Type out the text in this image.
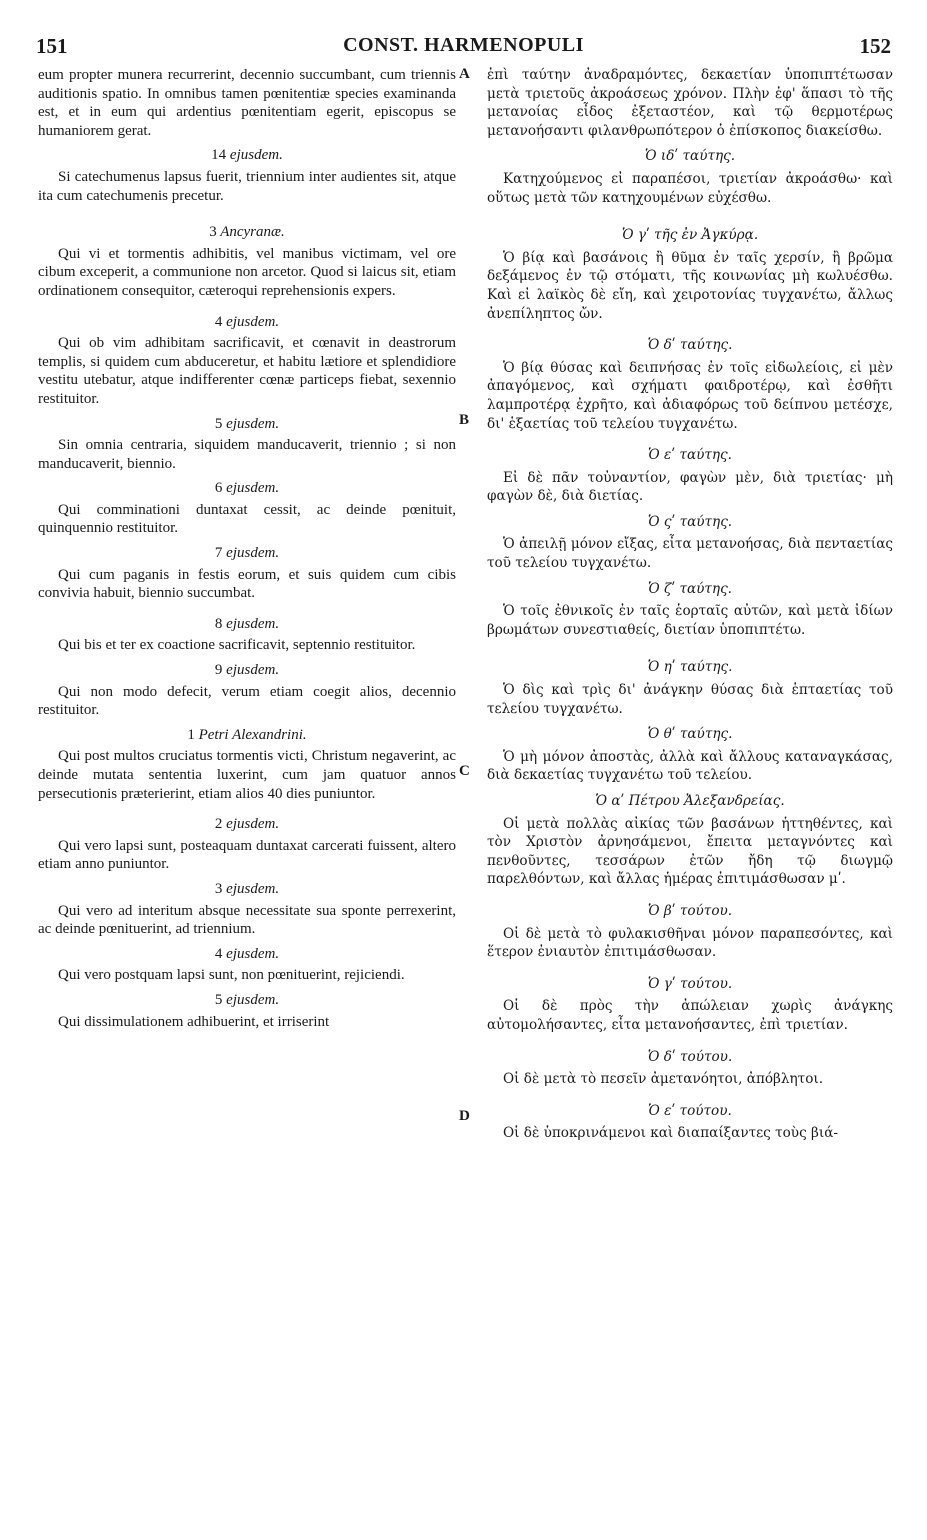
151	CONST. HARMENOPULI	152

eum propter munera recurrerint, decennio succumbant, cum triennis auditionis spatio. In omnibus tamen pœnitentiæ species examinanda est, et in eum qui ardentius pœnitentiam egerit, episcopus se humaniorem gerat.

14 ejusdem.

Si catechumenus lapsus fuerit, triennium inter audientes sit, atque ita cum catechumenis precetur.

3 Ancyranæ.

Qui vi et tormentis adhibitis, vel manibus victimam, vel ore cibum exceperit, a communione non arcetor. Quod si laicus sit, etiam ordinationem consequitor, cæteroqui reprehensionis expers.

4 ejusdem.

Qui ob vim adhibitam sacrificavit, et cœnavit in deastrorum templis, si quidem cum abduceretur, et habitu lætiore et splendidiore vestitu utebatur, atque indifferenter cœnæ particeps fiebat, sexennio restituitor.

5 ejusdem.

Sin omnia centraria, siquidem manducaverit, triennio ; si non manducaverit, biennio.

6 ejusdem.

Qui comminationi duntaxat cessit, ac deinde pœnituit, quinquennio restituitor.

7 ejusdem.

Qui cum paganis in festis eorum, et suis quidem cum cibis convivia habuit, biennio succumbat.

8 ejusdem.

Qui bis et ter ex coactione sacrificavit, septennio restituitor.

9 ejusdem.

Qui non modo defecit, verum etiam coegit alios, decennio restituitor.

1 Petri Alexandrini.

Qui post multos cruciatus tormentis victi, Christum negaverint, ac deinde mutata sententia luxerint, cum jam quatuor annos persecutionis præterierint, etiam alios 40 dies puniuntor.

2 ejusdem.

Qui vero lapsi sunt, posteaquam duntaxat carcerati fuissent, altero etiam anno puniuntor.

3 ejusdem.

Qui vero ad interitum absque necessitate sua sponte perrexerint, ac deinde pœnituerint, ad triennium.

4 ejusdem.

Qui vero postquam lapsi sunt, non pœnituerint, rejiciendi.

5 ejusdem.

Qui dissimulationem adhibuerint, et irriserint

A
B
C
D

ἐπὶ ταύτην ἀναδραμόντες, δεκαετίαν ὑποπιπτέτωσαν μετὰ τριετοῦς ἀκροάσεως χρόνον. Πλὴν ἐφ' ἅπασι τὸ τῆς μετανοίας εἶδος ἐξεταστέον, καὶ τῷ θερμοτέρως μετανοήσαντι φιλανθρωπότερον ὁ ἐπίσκοπος διακείσθω.

Ὁ ιδʹ ταύτης.

Κατηχούμενος εἰ παραπέσοι, τριετίαν ἀκροάσθω· καὶ οὕτως μετὰ τῶν κατηχουμένων εὐχέσθω.

Ὁ γʹ τῆς ἐν Ἀγκύρᾳ.

Ὁ βίᾳ καὶ βασάνοις ἢ θῦμα ἐν ταῖς χερσίν, ἢ βρῶμα δεξάμενος ἐν τῷ στόματι, τῆς κοινωνίας μὴ κωλυέσθω. Καὶ εἰ λαϊκὸς δὲ εἴη, καὶ χειροτονίας τυγχανέτω, ἄλλως ἀνεπίληπτος ὤν.

Ὁ δʹ ταύτης.

Ὁ βίᾳ θύσας καὶ δειπνήσας ἐν τοῖς εἰδωλείοις, εἰ μὲν ἀπαγόμενος, καὶ σχήματι φαιδροτέρῳ, καὶ ἐσθῆτι λαμπροτέρᾳ ἐχρῆτο, καὶ ἀδιαφόρως τοῦ δείπνου μετέσχε, δι' ἑξαετίας τοῦ τελείου τυγχανέτω.

Ὁ εʹ ταύτης.

Εἰ δὲ πᾶν τοὐναντίον, φαγὼν μὲν, διὰ τριετίας· μὴ φαγὼν δὲ, διὰ διετίας.

Ὁ ςʹ ταύτης.

Ὁ ἀπειλῇ μόνον εἴξας, εἶτα μετανοήσας, διὰ πενταετίας τοῦ τελείου τυγχανέτω.

Ὁ ζʹ ταύτης.

Ὁ τοῖς ἐθνικοῖς ἐν ταῖς ἑορταῖς αὐτῶν, καὶ μετὰ ἰδίων βρωμάτων συνεστιαθείς, διετίαν ὑποπιπτέτω.

Ὁ ηʹ ταύτης.

Ὁ δὶς καὶ τρὶς δι' ἀνάγκην θύσας διὰ ἑπταετίας τοῦ τελείου τυγχανέτω.

Ὁ θʹ ταύτης.

Ὁ μὴ μόνον ἀποστὰς, ἀλλὰ καὶ ἄλλους καταναγκάσας, διὰ δεκαετίας τυγχανέτω τοῦ τελείου.

Ὁ αʹ Πέτρου Ἀλεξανδρείας.

Οἱ μετὰ πολλὰς αἰκίας τῶν βασάνων ἡττηθέντες, καὶ τὸν Χριστὸν ἀρνησάμενοι, ἔπειτα μεταγνόντες καὶ πενθοῦντες, τεσσάρων ἐτῶν ἤδη τῷ διωγμῷ παρελθόντων, καὶ ἄλλας ἡμέρας ἐπιτιμάσθωσαν μʹ.

Ὁ βʹ τούτου.

Οἱ δὲ μετὰ τὸ φυλακισθῆναι μόνον παραπεσόντες, καὶ ἕτερον ἐνιαυτὸν ἐπιτιμάσθωσαν.

Ὁ γʹ τούτου.

Οἱ δὲ πρὸς τὴν ἀπώλειαν χωρὶς ἀνάγκης αὐτομολήσαντες, εἶτα μετανοήσαντες, ἐπὶ τριετίαν.

Ὁ δʹ τούτου.

Οἱ δὲ μετὰ τὸ πεσεῖν ἀμετανόητοι, ἀπόβλητοι.

Ὁ εʹ τούτου.

Οἱ δὲ ὑποκρινάμενοι καὶ διαπαίξαντες τοὺς βιά-
